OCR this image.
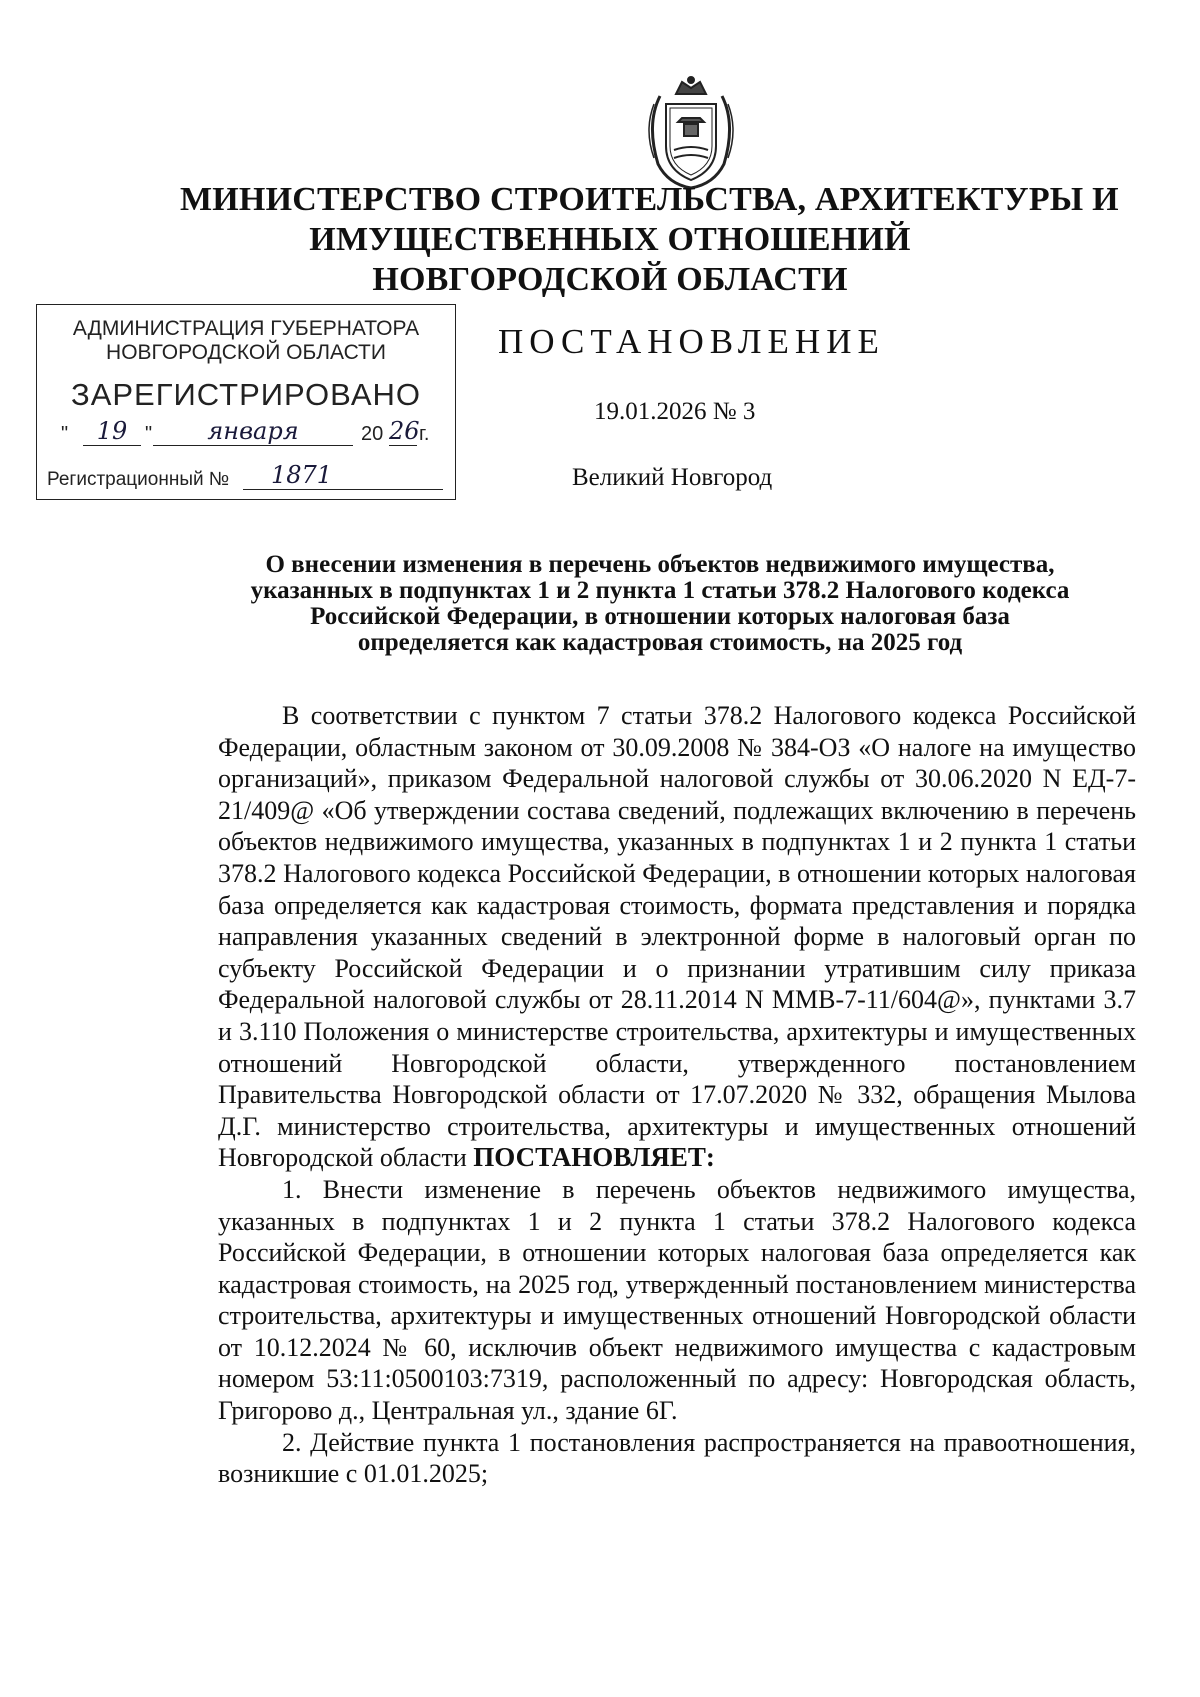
МИНИСТЕРСТВО СТРОИТЕЛЬСТВА, АРХИТЕКТУРЫ И
ИМУЩЕСТВЕННЫХ ОТНОШЕНИЙ
НОВГОРОДСКОЙ ОБЛАСТИ
АДМИНИСТРАЦИЯ ГУБЕРНАТОРА
НОВГОРОДСКОЙ ОБЛАСТИ
ЗАРЕГИСТРИРОВАНО
"	19 "	января	20 26 г.
Регистрационный №	1871
ПОСТАНОВЛЕНИЕ
19.01.2026 № 3
Великий Новгород
О внесении изменения в перечень объектов недвижимого имущества,
указанных в подпунктах 1 и 2 пункта 1 статьи 378.2 Налогового кодекса
Российской Федерации, в отношении которых налоговая база
определяется как кадастровая стоимость, на 2025 год

В соответствии с пунктом 7 статьи 378.2 Налогового кодекса Российской Федерации, областным законом от 30.09.2008 № 384-ОЗ «О налоге на имущество организаций», приказом Федеральной налоговой службы от 30.06.2020 N ЕД-7-21/409@ «Об утверждении состава сведений, подлежащих включению в перечень объектов недвижимого имущества, указанных в подпунктах 1 и 2 пункта 1 статьи 378.2 Налогового кодекса Российской Федерации, в отношении которых налоговая база определяется как кадастровая стоимость, формата представления и порядка направления указанных сведений в электронной форме в налоговый орган по субъекту Российской Федерации и о признании утратившим силу приказа Федеральной налоговой службы от 28.11.2014 N ММВ-7-11/604@», пунктами 3.7 и 3.110 Положения о министерстве строительства, архитектуры и имущественных отношений Новгородской области, утвержденного постановлением Правительства Новгородской области от 17.07.2020 № 332, обращения Мылова Д.Г. министерство строительства, архитектуры и имущественных отношений Новгородской области ПОСТАНОВЛЯЕТ:

1. Внести изменение в перечень объектов недвижимого имущества, указанных в подпунктах 1 и 2 пункта 1 статьи 378.2 Налогового кодекса Российской Федерации, в отношении которых налоговая база определяется как кадастровая стоимость, на 2025 год, утвержденный постановлением министерства строительства, архитектуры и имущественных отношений Новгородской области от 10.12.2024 № 60, исключив объект недвижимого имущества с кадастровым номером 53:11:0500103:7319, расположенный по адресу: Новгородская область, Григорово д., Центральная ул., здание 6Г.

2. Действие пункта 1 постановления распространяется на правоотношения, возникшие с 01.01.2025;
